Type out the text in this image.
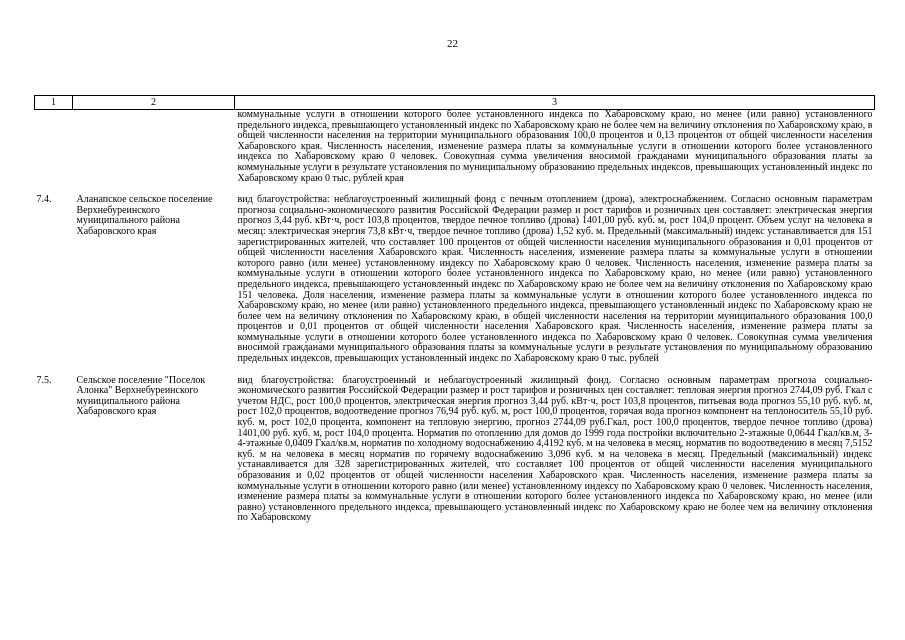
22
1	2	3
		коммунальные услуги в отношении которого более установленного индекса по Хабаровскому краю, но менее (или равно) установленного предельного индекса, превышающего установленный индекс по Хабаровскому краю не более чем на величину отклонения по Хабаровскому краю, в общей численности населения на территории муниципального образования 100,0 процентов и 0,13 процентов от общей численности населения Хабаровского края. Численность населения, изменение размера платы за коммунальные услуги в отношении которого более установленного индекса по Хабаровскому краю 0 человек. Совокупная сумма увеличения вносимой гражданами муниципального образования платы за коммунальные услуги в результате установления по муниципальному образованию предельных индексов, превышающих установленный индекс по Хабаровскому краю 0 тыс. рублей края

7.4.	Аланапское сельское поселение Верхнебуреинского муниципального района Хабаровского края	вид благоустройства: неблагоустроенный жилищный фонд с печным отоплением (дрова), электроснабжением. Согласно основным параметрам прогноза социально-экономического развития Российской Федерации размер и рост тарифов и розничных цен составляет: электрическая энергия прогноз 3,44 руб. кВт·ч, рост 103,8 процентов, твердое печное топливо (дрова) 1401,00 руб. куб. м, рост 104,0 процент. Объем услуг на человека в месяц: электрическая энергия 73,8 кВт·ч, твердое печное топливо (дрова) 1,52 куб. м. Предельный (максимальный) индекс устанавливается для 151 зарегистрированных жителей, что составляет 100 процентов от общей численности населения муниципального образования и 0,01 процентов от общей численности населения Хабаровского края. Численность населения, изменение размера платы за коммунальные услуги в отношении которого равно (или менее) установленному индексу по Хабаровскому краю 0 человек. Численность населения, изменение размера платы за коммунальные услуги в отношении которого более установленного индекса по Хабаровскому краю, но менее (или равно) установленного предельного индекса, превышающего установленный индекс по Хабаровскому краю не более чем на величину отклонения по Хабаровскому краю 151 человека. Доля населения, изменение размера платы за коммунальные услуги в отношении которого более установленного индекса по Хабаровскому краю, но менее (или равно) установленного предельного индекса, превышающего установленный индекс по Хабаровскому краю не более чем на величину отклонения по Хабаровскому краю, в общей численности населения на территории муниципального образования 100,0 процентов и 0,01 процентов от общей численности населения Хабаровского края. Численность населения, изменение размера платы за коммунальные услуги в отношении которого более установленного индекса по Хабаровскому краю 0 человек. Совокупная сумма увеличения вносимой гражданами муниципального образования платы за коммунальные услуги в результате установления по муниципальному образованию предельных индексов, превышающих установленный индекс по Хабаровскому краю 0 тыс. рублей

7.5.	Сельское поселение "Поселок Алонка" Верхнебуреинского муниципального района Хабаровского края	вид благоустройства: благоустроенный и неблагоустроенный жилищный фонд. Согласно основным параметрам прогноза социально-экономического развития Российской Федерации размер и рост тарифов и розничных цен составляет: тепловая энергия прогноз 2744,09 руб. Гкал с учетом НДС, рост 100,0 процентов, электрическая энергия прогноз 3,44 руб. кВт·ч, рост 103,8 процентов, питьевая вода прогноз 55,10 руб. куб. м, рост 102,0 процентов, водоотведение прогноз 76,94 руб. куб. м, рост 100,0 процентов, горячая вода прогноз компонент на теплоноситель 55,10 руб. куб. м, рост 102,0 процента, компонент на тепловую энергию, прогноз 2744,09 руб.Гкал, рост 100,0 процентов, твердое печное топливо (дрова) 1401,00 руб. куб. м, рост 104,0 процента. Норматив по отоплению для домов до 1999 года постройки включительно 2-этажные 0,0644 Гкал/кв.м, 3-4-этажные 0,0409 Гкал/кв.м, норматив по холодному водоснабжению 4,4192 куб. м на человека в месяц, норматив по водоотведению в месяц 7,5152 куб. м на человека в месяц норматив по горячему водоснабжению 3,096 куб. м на человека в месяц. Предельный (максимальный) индекс устанавливается для 328 зарегистрированных жителей, что составляет 100 процентов от общей численности населения муниципального образования и 0,02 процентов от общей численности населения Хабаровского края. Численность населения, изменение размера платы за коммунальные услуги в отношении которого равно (или менее) установленному индексу по Хабаровскому краю 0 человек. Численность населения, изменение размера платы за коммунальные услуги в отношении которого более установленного индекса по Хабаровскому краю, но менее (или равно) установленного предельного индекса, превышающего установленный индекс по Хабаровскому краю не более чем на величину отклонения по Хабаровскому
